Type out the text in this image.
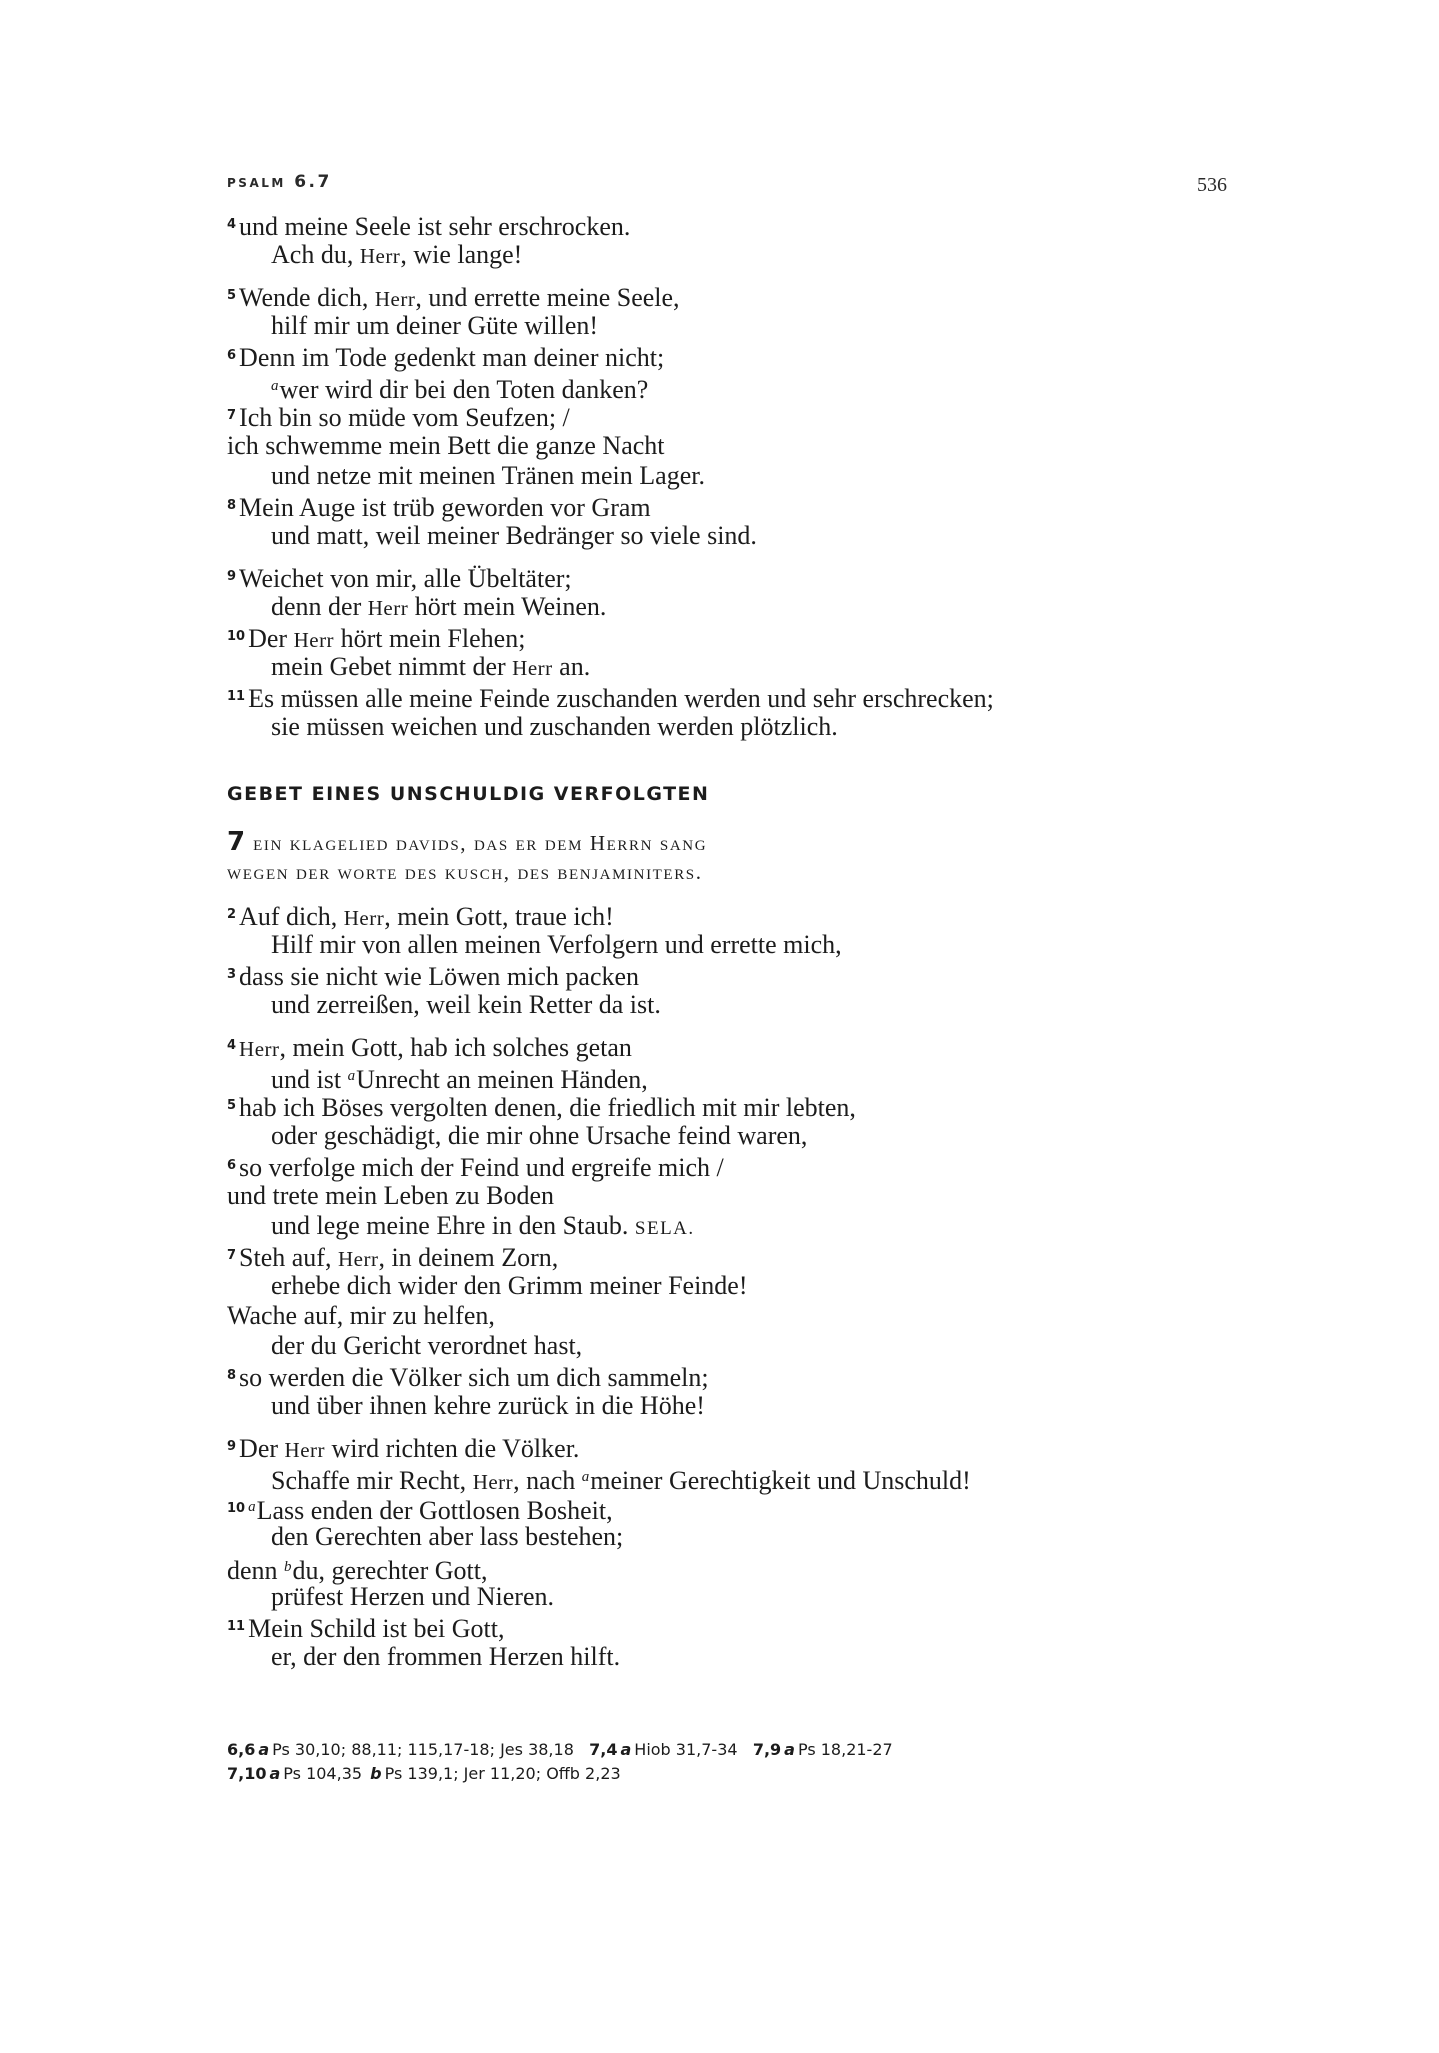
psalm 6.7	536
$^4$ und meine Seele ist sehr erschrocken.
Ach du, Herr, wie lange!
$^5$ Wende dich, Herr, und errette meine Seele,
hilf mir um deiner Güte willen!
$^6$ Denn im Tode gedenkt man deiner nicht;
$^a$wer wird dir bei den Toten danken?
$^7$ Ich bin so müde vom Seufzen; /
ich schwemme mein Bett die ganze Nacht
und netze mit meinen Tränen mein Lager.
$^8$ Mein Auge ist trüb geworden vor Gram
und matt, weil meiner Bedränger so viele sind.
$^9$ Weichet von mir, alle Übeltäter;
denn der Herr hört mein Weinen.
$^{10}$ Der Herr hört mein Flehen;
mein Gebet nimmt der Herr an.
$^{11}$ Es müssen alle meine Feinde zuschanden werden und sehr erschrecken;
sie müssen weichen und zuschanden werden plötzlich.
GEBET EINES UNSCHULDIG VERFOLGTEN
7 ein klagelied davids, das er dem Herrn sang
wegen der worte des kusch, des benjaminiters.
$^2$ Auf dich, Herr, mein Gott, traue ich!
Hilf mir von allen meinen Verfolgern und errette mich,
$^3$ dass sie nicht wie Löwen mich packen
und zerreißen, weil kein Retter da ist.
$^4$ Herr, mein Gott, hab ich solches getan
und ist $^a$Unrecht an meinen Händen,
$^5$ hab ich Böses vergolten denen, die friedlich mit mir lebten,
oder geschädigt, die mir ohne Ursache feind waren,
$^6$ so verfolge mich der Feind und ergreife mich /
und trete mein Leben zu Boden
und lege meine Ehre in den Staub. SELA.
$^7$ Steh auf, Herr, in deinem Zorn,
erhebe dich wider den Grimm meiner Feinde!
Wache auf, mir zu helfen,
der du Gericht verordnet hast,
$^8$ so werden die Völker sich um dich sammeln;
und über ihnen kehre zurück in die Höhe!
$^9$ Der Herr wird richten die Völker.
Schaffe mir Recht, Herr, nach $^a$meiner Gerechtigkeit und Unschuld!
$^{10}$ $^a$Lass enden der Gottlosen Bosheit,
den Gerechten aber lass bestehen;
denn $^b$du, gerechter Gott,
prüfest Herzen und Nieren.
$^{11}$ Mein Schild ist bei Gott,
er, der den frommen Herzen hilft.
6,6 a Ps 30,10; 88,11; 115,17-18; Jes 38,18 7,4 a Hiob 31,7-34 7,9 a Ps 18,21-27
7,10 a Ps 104,35 b Ps 139,1; Jer 11,20; Offb 2,23
